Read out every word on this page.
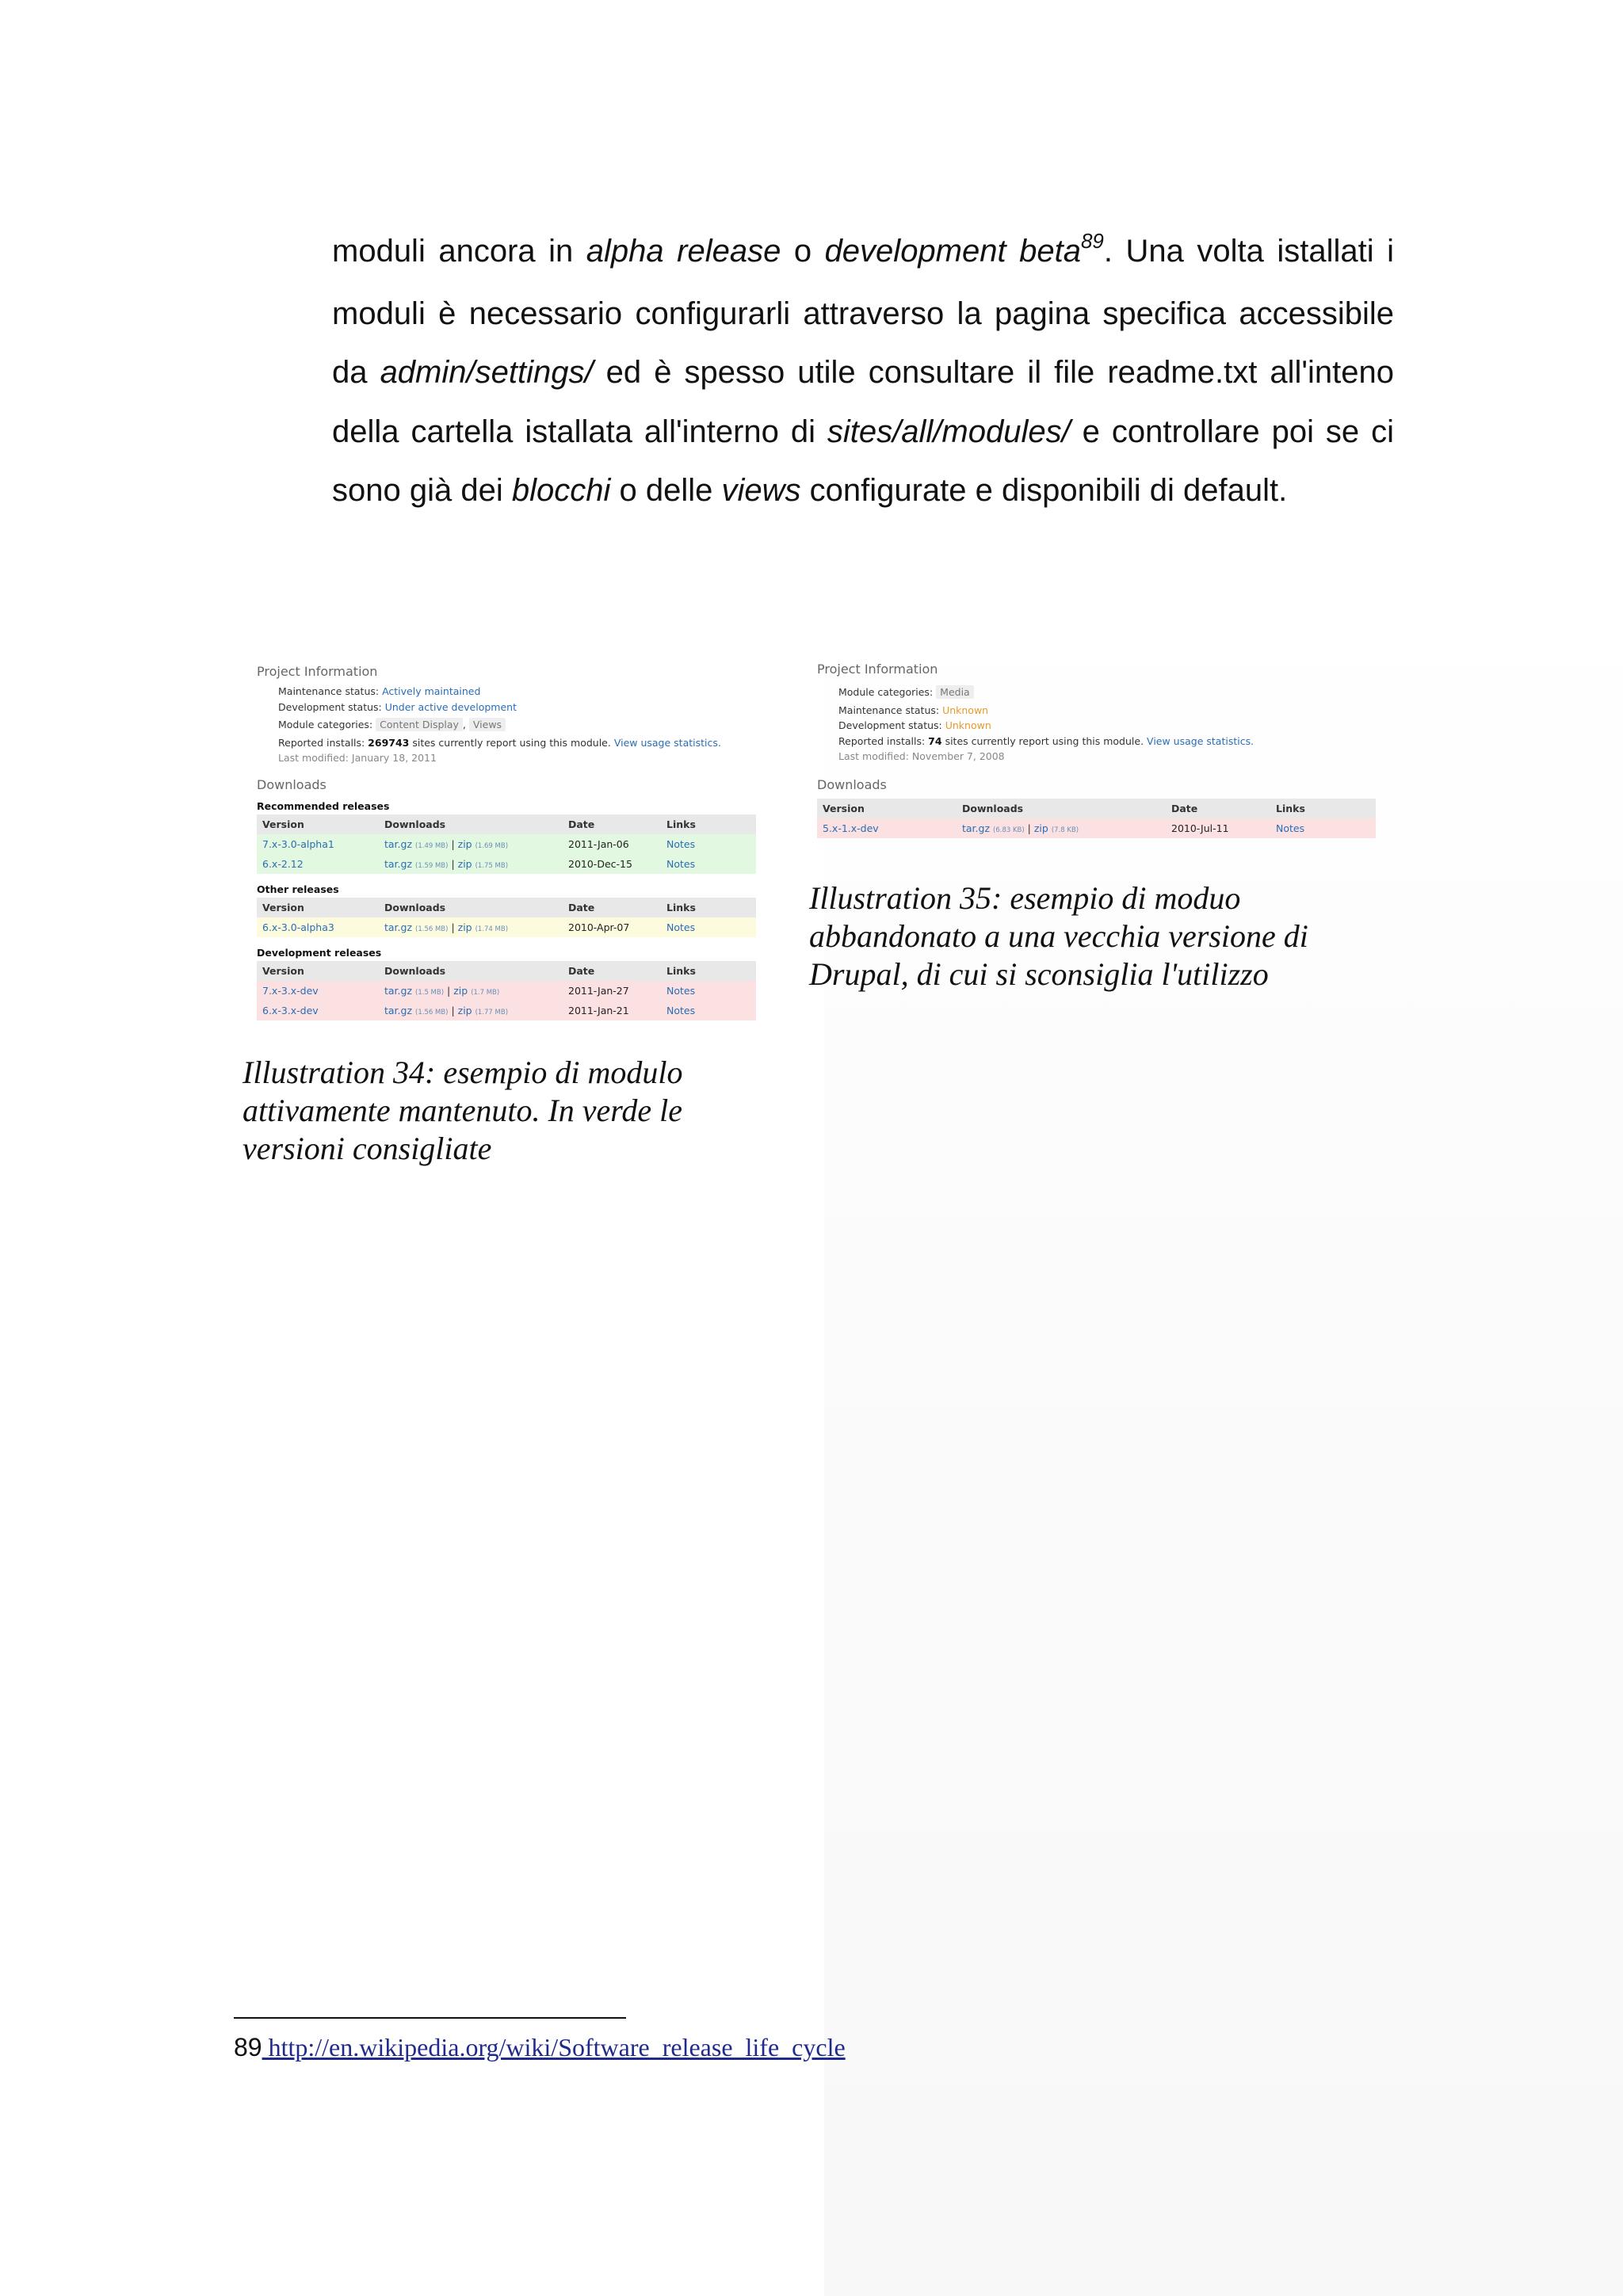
moduli ancora in alpha release o development beta$^{89}$. Una volta istallati i moduli è necessario configurarli attraverso la pagina specifica accessibile da admin/settings/ ed è spesso utile consultare il file readme.txt all'inteno della cartella istallata all'interno di sites/all/modules/ e controllare poi se ci sono già dei blocchi o delle views configurate e disponibili di default.

Project Information
Maintenance status: Actively maintained
Development status: Under active development
Module categories: Content Display , Views
Reported installs: 269743 sites currently report using this module. View usage statistics.
Last modified: January 18, 2011
Downloads
Recommended releases
Version	Downloads	Date	Links
7.x-3.0-alpha1	tar.gz (1.49 MB) | zip (1.69 MB)	2011-Jan-06	Notes
6.x-2.12	tar.gz (1.59 MB) | zip (1.75 MB)	2010-Dec-15	Notes
Other releases
Version	Downloads	Date	Links
6.x-3.0-alpha3	tar.gz (1.56 MB) | zip (1.74 MB)	2010-Apr-07	Notes
Development releases
Version	Downloads	Date	Links
7.x-3.x-dev	tar.gz (1.5 MB) | zip (1.7 MB)	2011-Jan-27	Notes
6.x-3.x-dev	tar.gz (1.56 MB) | zip (1.77 MB)	2011-Jan-21	Notes
Illustration 34: esempio di modulo
attivamente mantenuto. In verde le
versioni consigliate
Project Information
Module categories: Media
Maintenance status: Unknown
Development status: Unknown
Reported installs: 74 sites currently report using this module. View usage statistics.
Last modified: November 7, 2008
Downloads
Version	Downloads	Date	Links
5.x-1.x-dev	tar.gz (6.83 KB) | zip (7.8 KB)	2010-Jul-11	Notes
Illustration 35: esempio di moduo
abbandonato a una vecchia versione di
Drupal, di cui si sconsiglia l'utilizzo
89 http://en.wikipedia.org/wiki/Software_release_life_cycle
